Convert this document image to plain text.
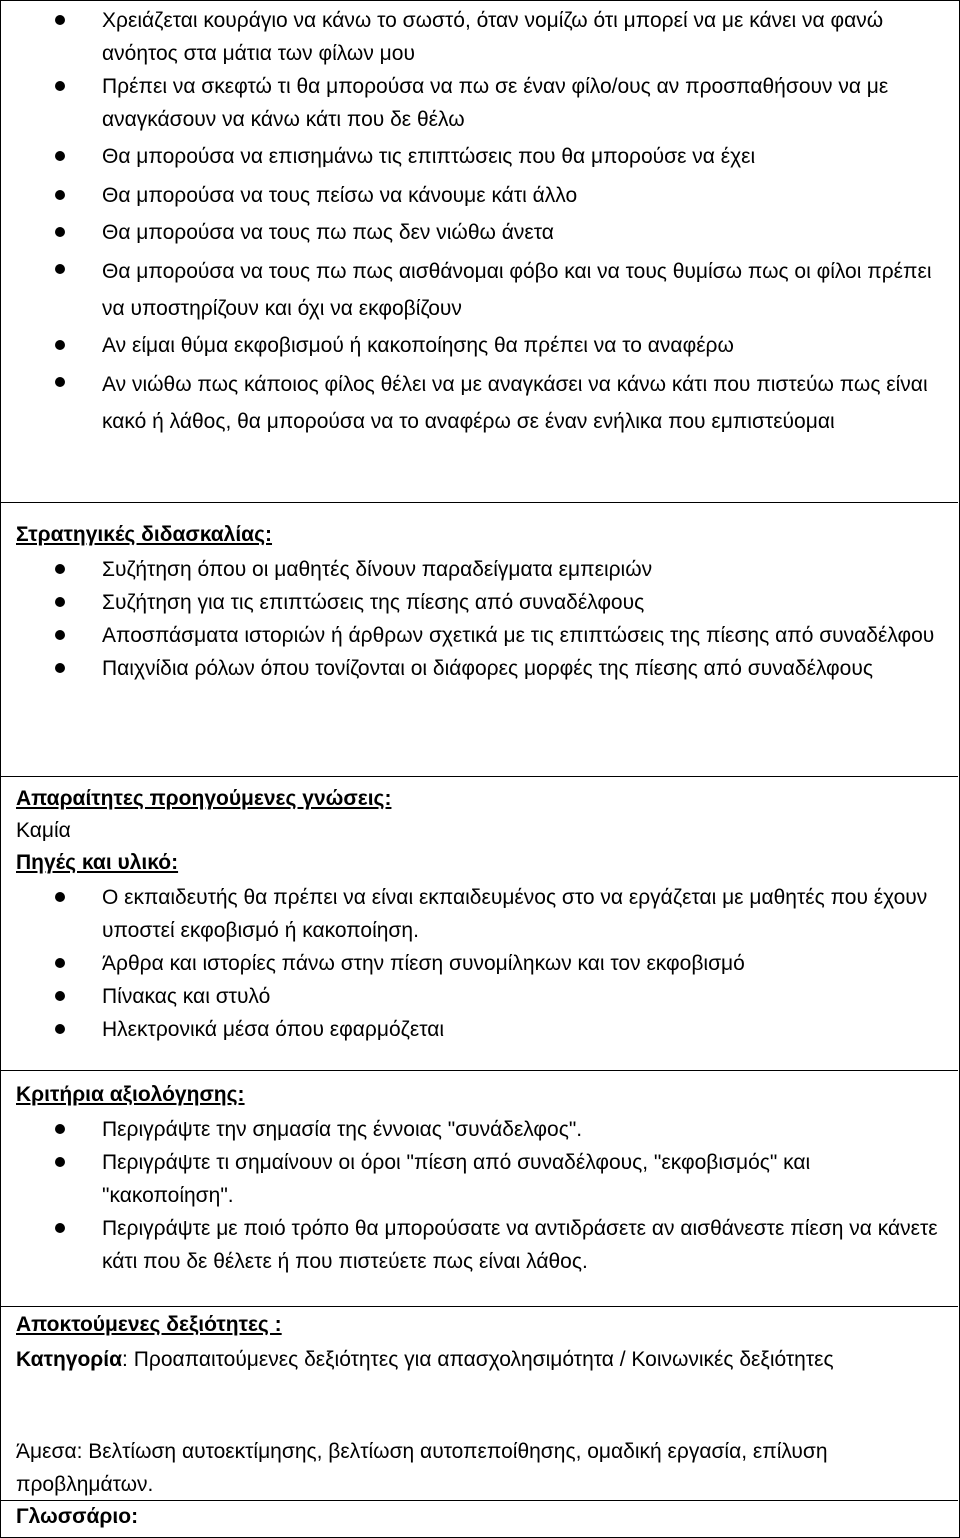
Χρειάζεται κουράγιο να κάνω το σωστό, όταν νομίζω ότι μπορεί να με κάνει να φανώ ανόητος στα μάτια των φίλων μου
Πρέπει να σκεφτώ τι θα μπορούσα να πω σε έναν φίλο/ους αν προσπαθήσουν να με αναγκάσουν να κάνω κάτι που δε θέλω
Θα μπορούσα να επισημάνω τις επιπτώσεις που θα μπορούσε να έχει
Θα μπορούσα να τους πείσω να κάνουμε κάτι άλλο
Θα μπορούσα να τους πω πως δεν νιώθω άνετα
Θα μπορούσα να τους πω πως αισθάνομαι φόβο και να τους θυμίσω πως οι φίλοι πρέπει να υποστηρίζουν και όχι να εκφοβίζουν
Αν είμαι θύμα εκφοβισμού ή κακοποίησης θα πρέπει να το αναφέρω
Αν νιώθω πως κάποιος φίλος θέλει να με αναγκάσει να κάνω κάτι που πιστεύω πως είναι κακό ή λάθος, θα μπορούσα να το αναφέρω σε έναν ενήλικα που εμπιστεύομαι
Στρατηγικές διδασκαλίας:
Συζήτηση όπου οι μαθητές δίνουν παραδείγματα εμπειριών
Συζήτηση για τις επιπτώσεις της πίεσης από συναδέλφους
Αποσπάσματα ιστοριών ή άρθρων σχετικά με τις επιπτώσεις της πίεσης από συναδέλφου
Παιχνίδια ρόλων όπου τονίζονται οι διάφορες μορφές της πίεσης από συναδέλφους
Απαραίτητες προηγούμενες γνώσεις:
Καμία
Πηγές και υλικό:
Ο εκπαιδευτής θα πρέπει να είναι εκπαιδευμένος στο να εργάζεται με μαθητές που έχουν υποστεί εκφοβισμό ή κακοποίηση.
Άρθρα και ιστορίες πάνω στην πίεση συνομίληκων και τον εκφοβισμό
Πίνακας και στυλό
Ηλεκτρονικά μέσα όπου εφαρμόζεται
Κριτήρια αξιολόγησης:
Περιγράψτε την σημασία της έννοιας "συνάδελφος".
Περιγράψτε τι σημαίνουν οι όροι "πίεση από συναδέλφους, "εκφοβισμός" και "κακοποίηση".
Περιγράψτε με ποιό τρόπο θα μπορούσατε να αντιδράσετε αν αισθάνεστε πίεση να κάνετε κάτι που δε θέλετε ή που πιστεύετε πως είναι λάθος.
Αποκτούμενες δεξιότητες :
Κατηγορία: Προαπαιτούμενες δεξιότητες για απασχολησιμότητα / Κοινωνικές δεξιότητες
Άμεσα: Βελτίωση αυτοεκτίμησης, βελτίωση αυτοπεποίθησης, ομαδική εργασία, επίλυση προβλημάτων.
Γλωσσάριο:
